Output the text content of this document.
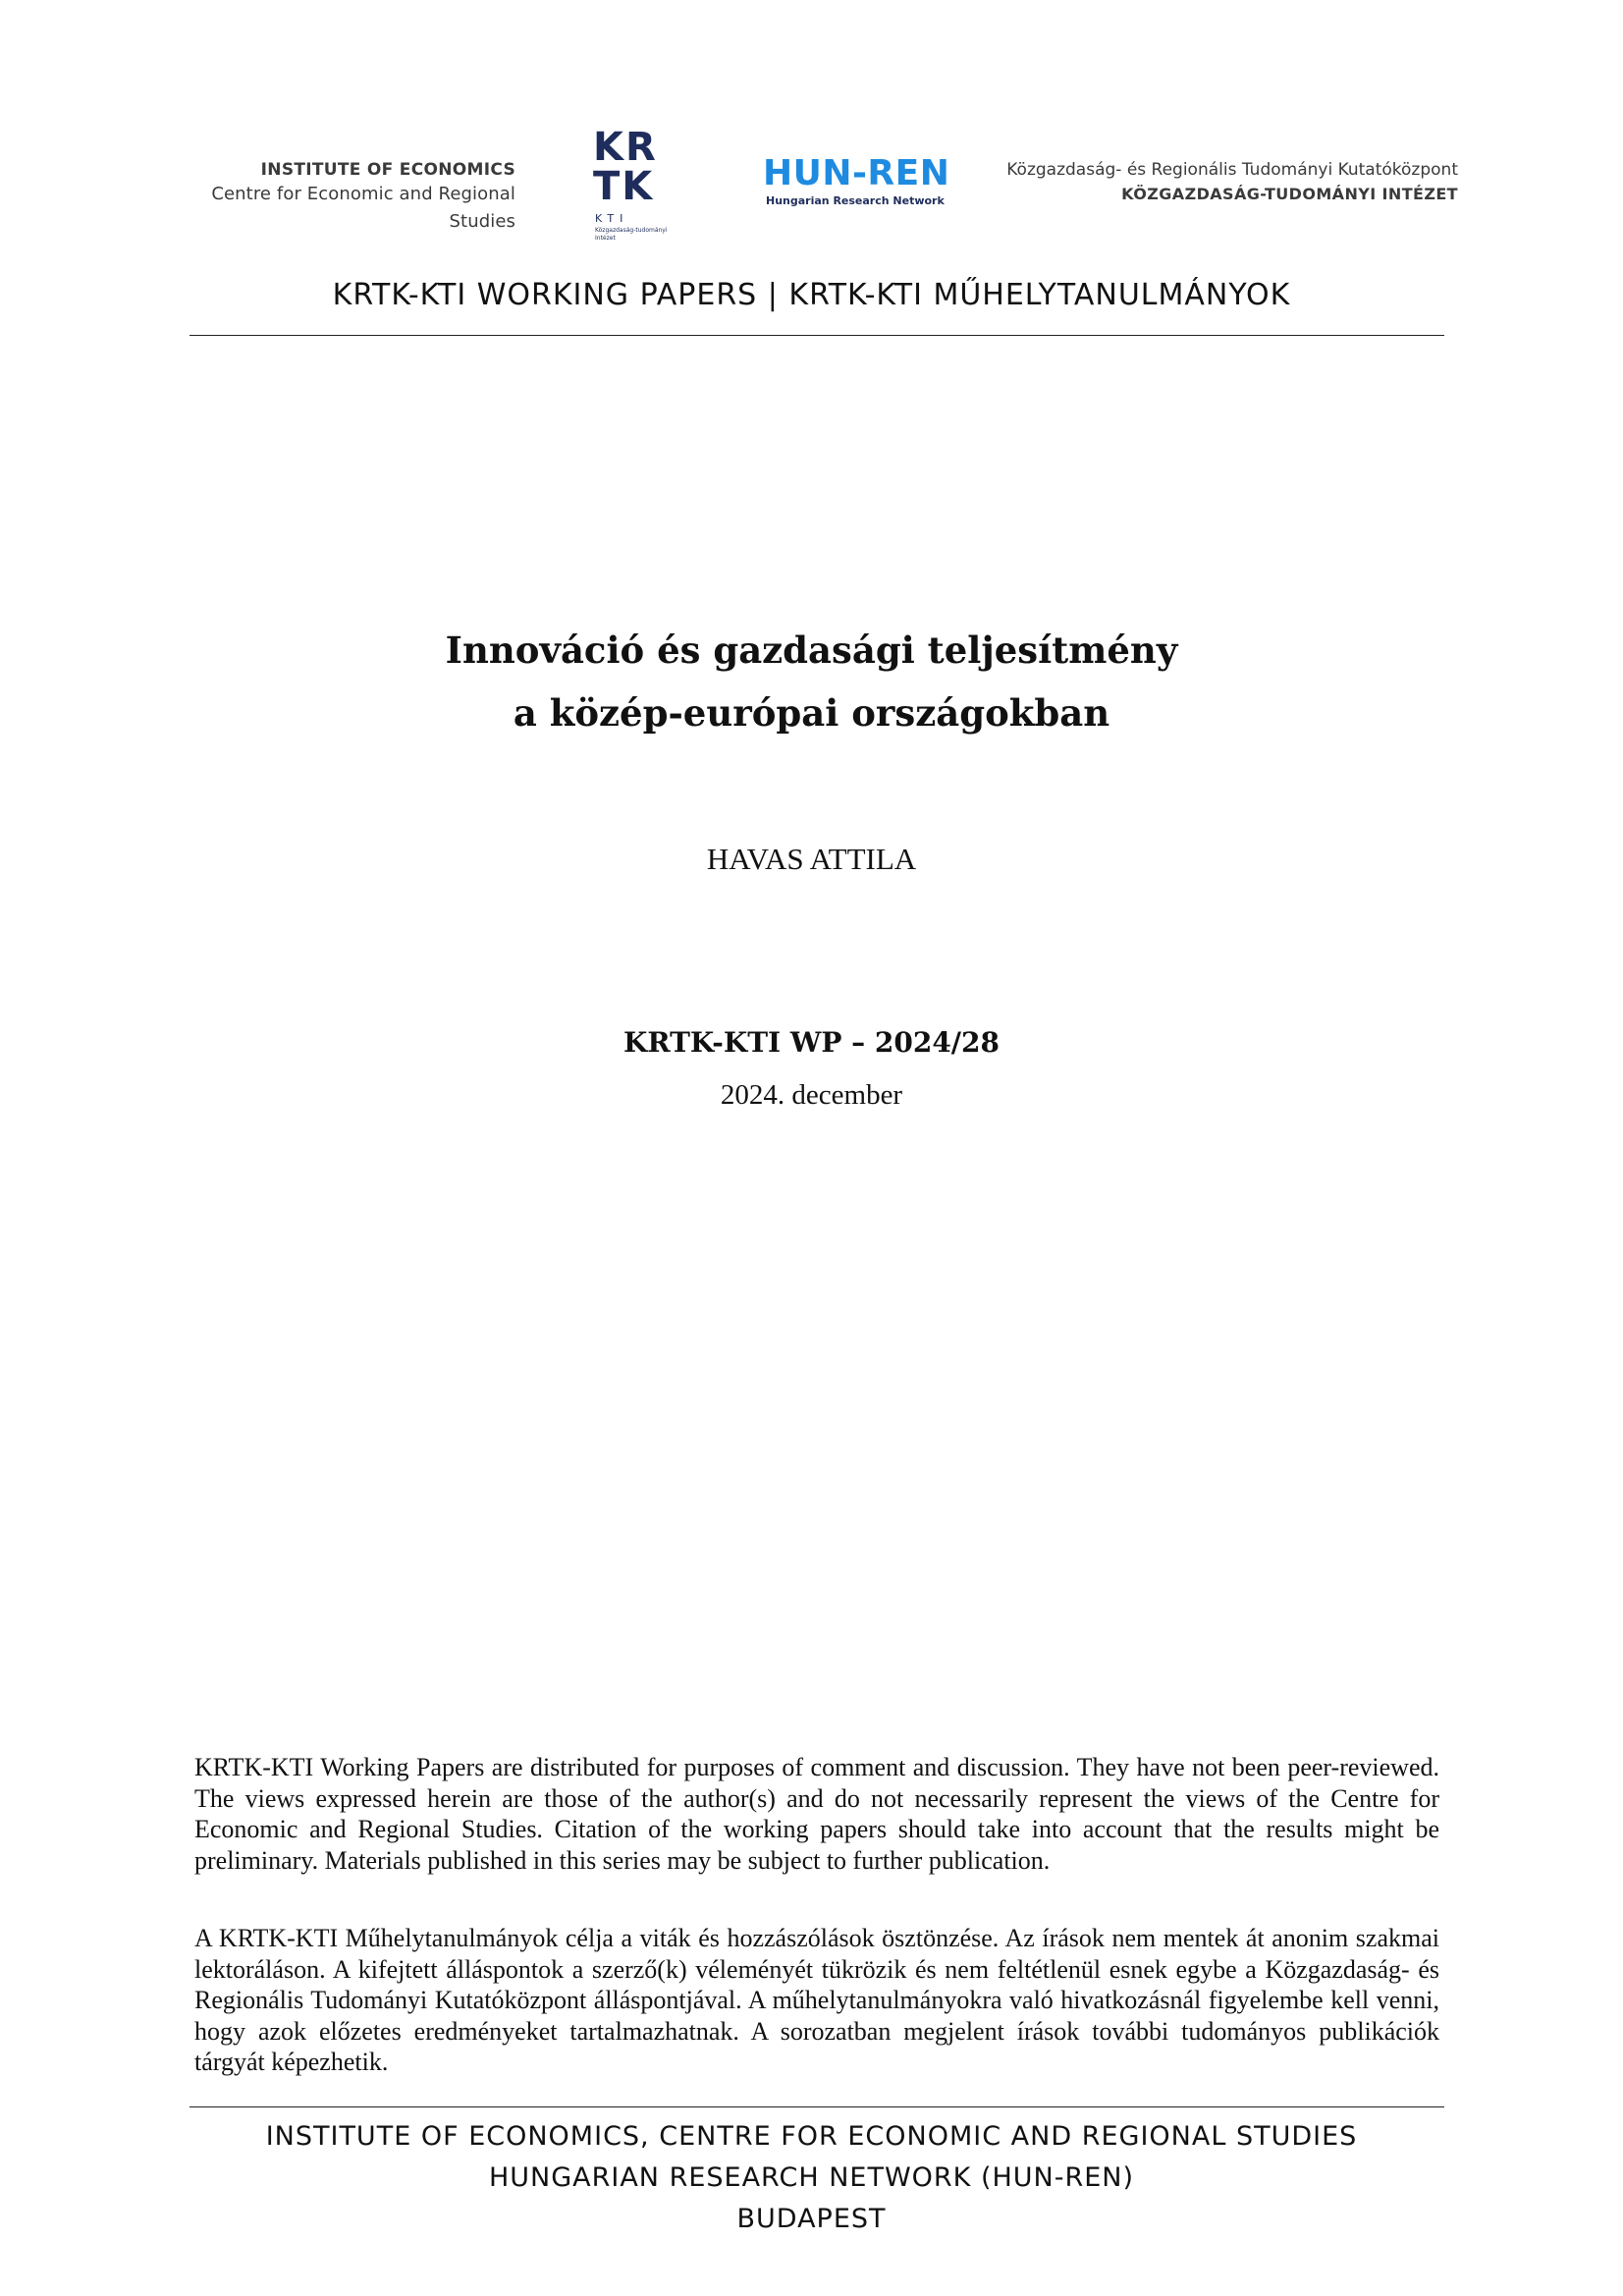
INSTITUTE OF ECONOMICS
Centre for Economic and Regional Studies
KR
TK
KTI
Közgazdaság-tudományi Intézet
HUN-REN
Hungarian Research Network
Közgazdaság- és Regionális Tudományi Kutatóközpont
KÖZGAZDASÁG-TUDOMÁNYI INTÉZET
KRTK-KTI WORKING PAPERS | KRTK-KTI MŰHELYTANULMÁNYOK
Innováció és gazdasági teljesítmény
a közép-európai országokban
HAVAS ATTILA
KRTK-KTI WP – 2024/28
2024. december
KRTK-KTI Working Papers are distributed for purposes of comment and discussion. They have not been peer-reviewed. The views expressed herein are those of the author(s) and do not necessarily represent the views of the Centre for Economic and Regional Studies. Citation of the working papers should take into account that the results might be preliminary. Materials published in this series may be subject to further publication.
A KRTK-KTI Műhelytanulmányok célja a viták és hozzászólások ösztönzése. Az írások nem mentek át anonim szakmai lektoráláson. A kifejtett álláspontok a szerző(k) véleményét tükrözik és nem feltétlenül esnek egybe a Közgazdaság- és Regionális Tudományi Kutatóközpont álláspontjával. A műhelytanulmányokra való hivatkozásnál figyelembe kell venni, hogy azok előzetes eredményeket tartalmazhatnak. A sorozatban megjelent írások további tudományos publikációk tárgyát képezhetik.
INSTITUTE OF ECONOMICS, CENTRE FOR ECONOMIC AND REGIONAL STUDIES
HUNGARIAN RESEARCH NETWORK (HUN-REN)
BUDAPEST
